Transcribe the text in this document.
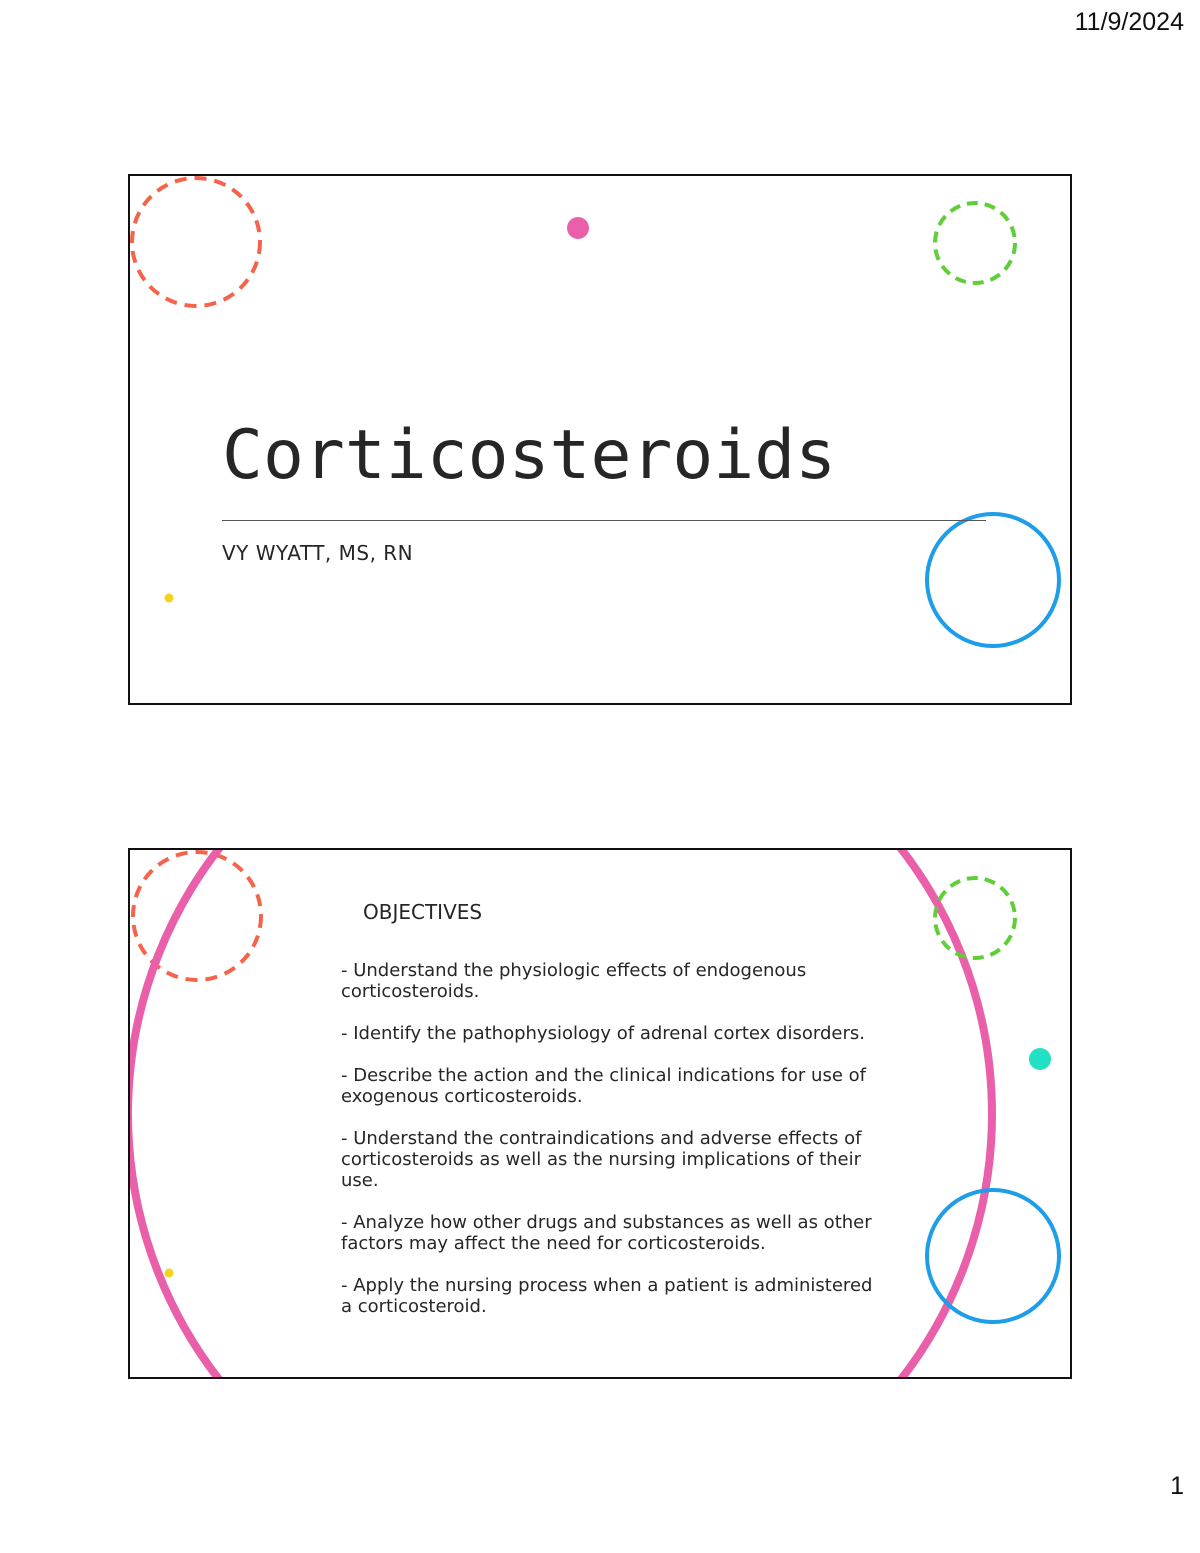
11/9/2024
Corticosteroids
VY WYATT, MS, RN
OBJECTIVES
- Understand the physiologic effects of endogenous corticosteroids.
- Identify the pathophysiology of adrenal cortex disorders.
- Describe the action and the clinical indications for use of exogenous corticosteroids.
- Understand the contraindications and adverse effects of corticosteroids as well as the nursing implications of their use.
- Analyze how other drugs and substances as well as other factors may affect the need for corticosteroids.
- Apply the nursing process when a patient is administered a corticosteroid.
1
